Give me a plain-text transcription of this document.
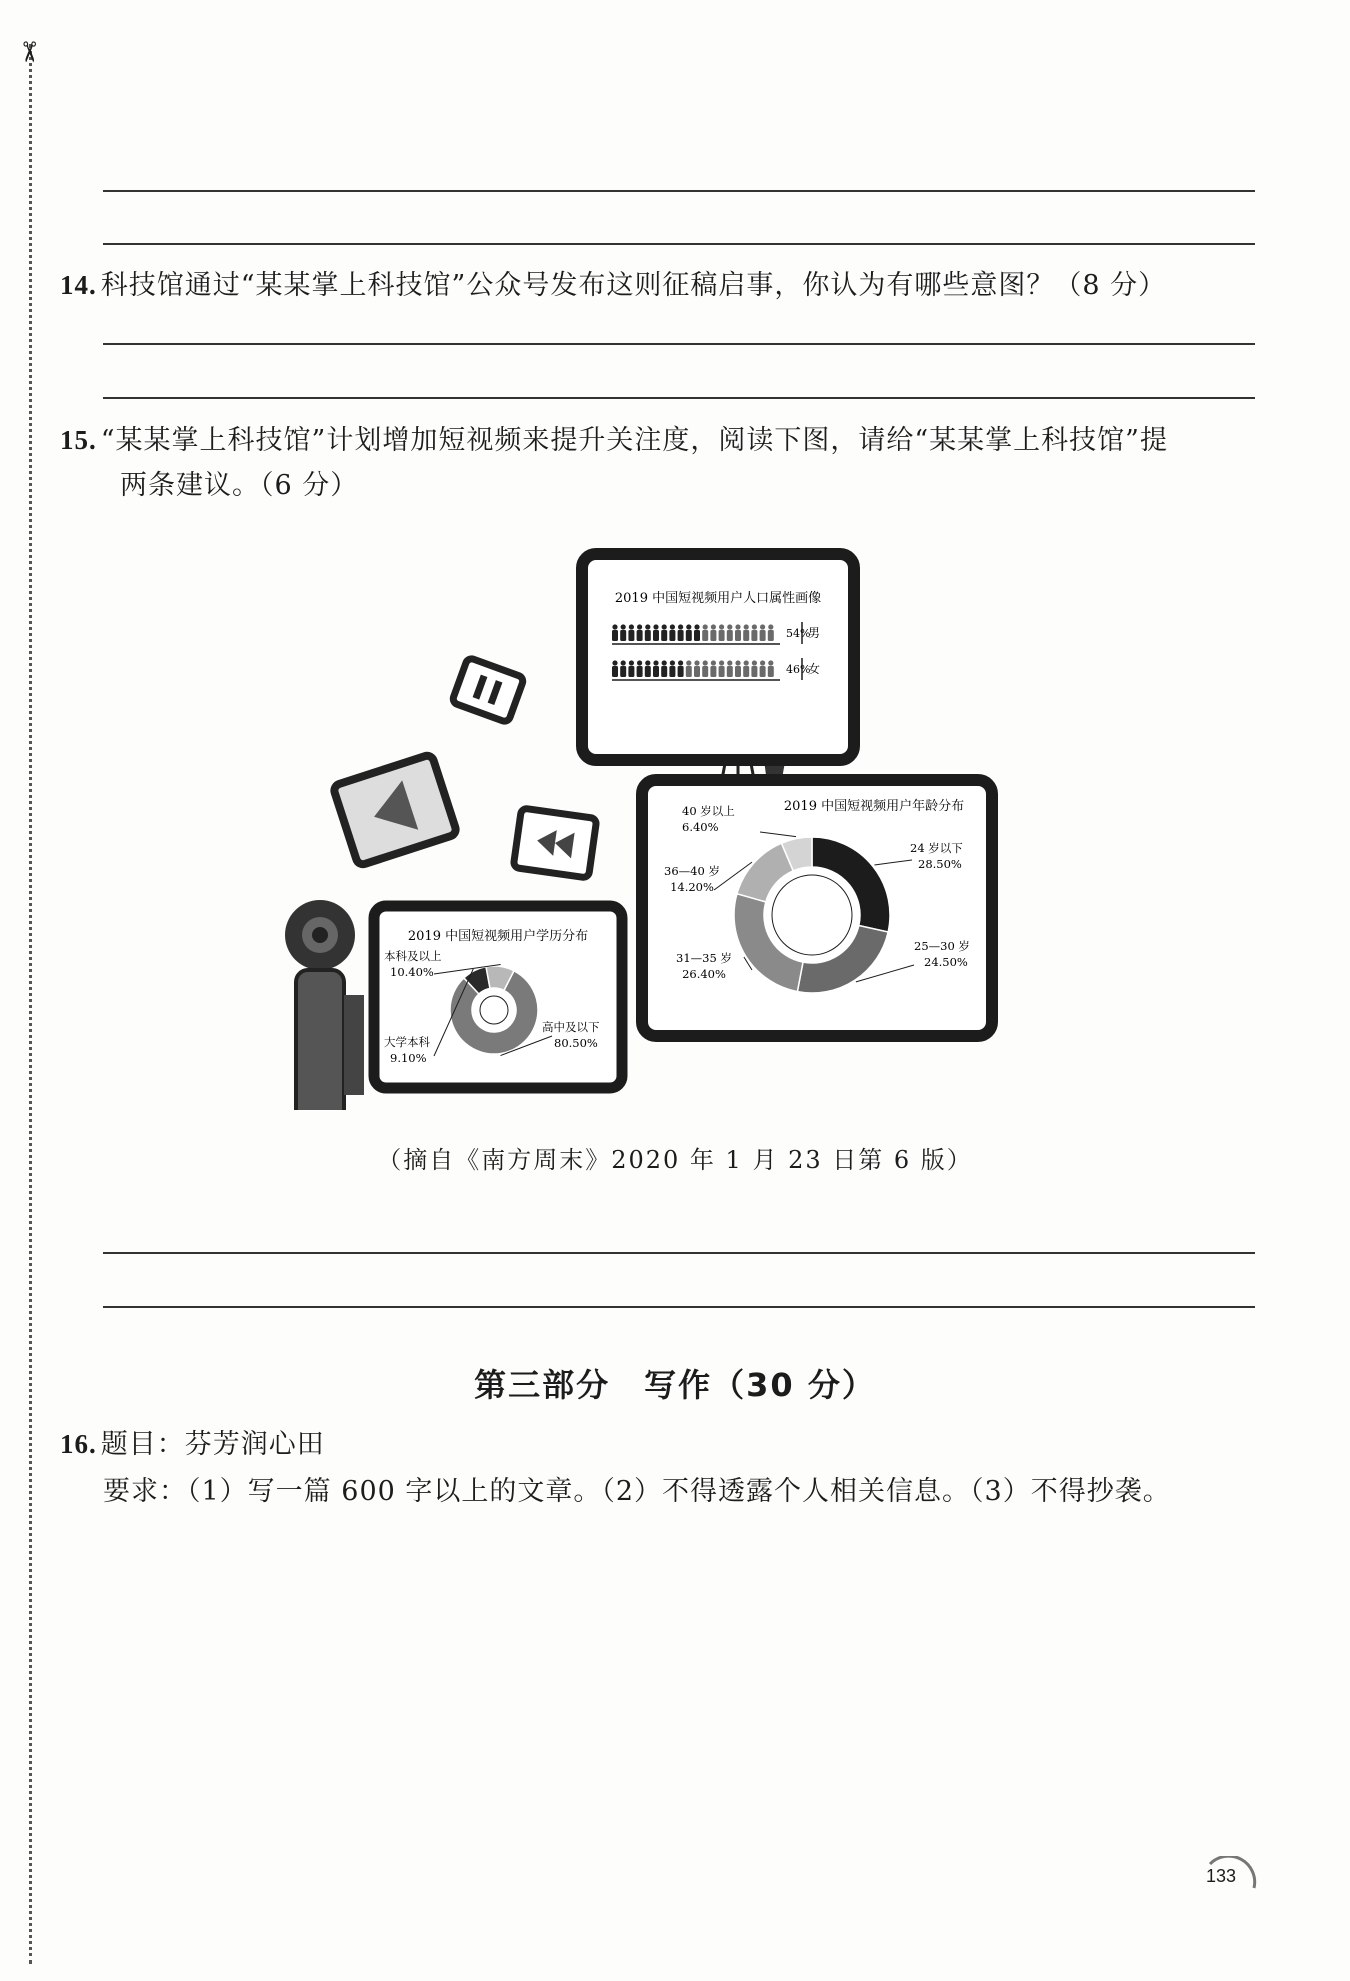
✂
14. 科技馆通过“某某掌上科技馆”公众号发布这则征稿启事，你认为有哪些意图？（8 分）
15. “某某掌上科技馆”计划增加短视频来提升关注度，阅读下图，请给“某某掌上科技馆”提
两条建议。（6 分）
2019 中国短视频用户人口属性画像
54%
男
46%
女
2019 中国短视频用户年龄分布
24 岁以下
28.50%
25—30 岁
24.50%
31—35 岁
26.40%
36—40 岁
14.20%
40 岁以上
6.40%
2019 中国短视频用户学历分布
高中及以下
80.50%
大学本科
9.10%
本科及以上
10.40%
（摘自《南方周末》2020 年 1 月 23 日第 6 版）
第三部分　写作（30 分）
16. 题目：芬芳润心田
要求：（1）写一篇 600 字以上的文章。（2）不得透露个人相关信息。（3）不得抄袭。
133
